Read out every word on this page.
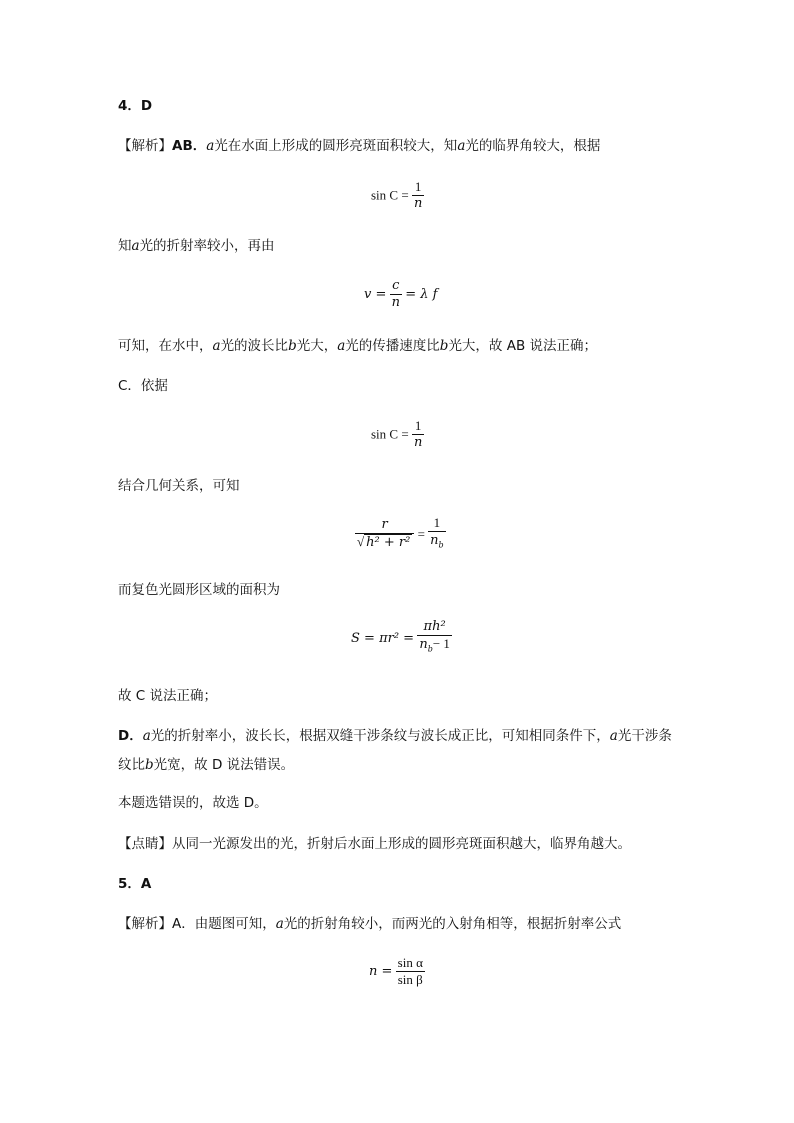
4．D
【解析】AB．a光在水面上形成的圆形亮斑面积较大，知a光的临界角较大，根据
$\sin C = \frac{1}{n}$
知a光的折射率较小，再由
$v = \frac{c}{n} = \lambda$ f
可知，在水中，a光的波长比b光大，a光的传播速度比b光大，故 AB 说法正确；
C．依据
$\sin C = \frac{1}{n}$
结合几何关系，可知
$\frac{r}{\text{√ h² + r²}} = \frac{1}{n_b}$
而复色光圆形区域的面积为
$S = \pi r^2 = \frac{\text{πh²}}{n_b- 1}$
故 C 说法正确；
D．a光的折射率小，波长长，根据双缝干涉条纹与波长成正比，可知相同条件下，a光干涉条纹比b光宽，故 D 说法错误。
本题选错误的，故选 D。
【点睛】从同一光源发出的光，折射后水面上形成的圆形亮斑面积越大，临界角越大。
5．A
【解析】A．由题图可知，a光的折射角较小，而两光的入射角相等，根据折射率公式
$n = \frac{\text{sin α}}{\text{sin β}}$
